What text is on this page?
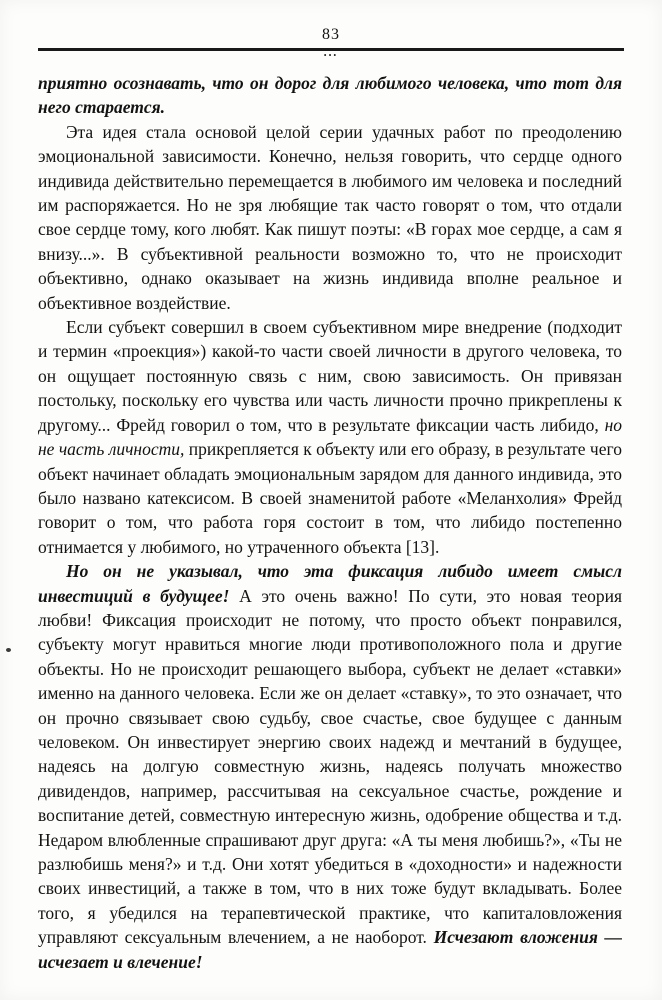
83
•••

приятно осознавать, что он дорог для любимого человека, что тот для него старается.

Эта идея стала основой целой серии удачных работ по преодолению эмоциональной зависимости. Конечно, нельзя говорить, что сердце одного индивида действительно перемещается в любимого им человека и последний им распоряжается. Но не зря любящие так часто говорят о том, что отдали свое сердце тому, кого любят. Как пишут поэты: «В горах мое сердце, а сам я внизу...». В субъективной реальности возможно то, что не происходит объективно, однако оказывает на жизнь индивида вполне реальное и объективное воздействие.

Если субъект совершил в своем субъективном мире внедрение (подходит и термин «проекция») какой-то части своей личности в другого человека, то он ощущает постоянную связь с ним, свою зависимость. Он привязан постольку, поскольку его чувства или часть личности прочно прикреплены к другому... Фрейд говорил о том, что в результате фиксации часть либидо, но не часть личности, прикрепляется к объекту или его образу, в результате чего объект начинает обладать эмоциональным зарядом для данного индивида, это было названо катексисом. В своей знаменитой работе «Меланхолия» Фрейд говорит о том, что работа горя состоит в том, что либидо постепенно отнимается у любимого, но утраченного объекта [13].

Но он не указывал, что эта фиксация либидо имеет смысл инвестиций в будущее! А это очень важно! По сути, это новая теория любви! Фиксация происходит не потому, что просто объект понравился, субъекту могут нравиться многие люди противоположного пола и другие объекты. Но не происходит решающего выбора, субъект не делает «ставки» именно на данного человека. Если же он делает «ставку», то это означает, что он прочно связывает свою судьбу, свое счастье, свое будущее с данным человеком. Он инвестирует энергию своих надежд и мечтаний в будущее, надеясь на долгую совместную жизнь, надеясь получать множество дивидендов, например, рассчитывая на сексуальное счастье, рождение и воспитание детей, совместную интересную жизнь, одобрение общества и т.д. Недаром влюбленные спрашивают друг друга: «А ты меня любишь?», «Ты не разлюбишь меня?» и т.д. Они хотят убедиться в «доходности» и надежности своих инвестиций, а также в том, что в них тоже будут вкладывать. Более того, я убедился на терапевтической практике, что капиталовложения управляют сексуальным влечением, а не наоборот. Исчезают вложения — исчезает и влечение!
